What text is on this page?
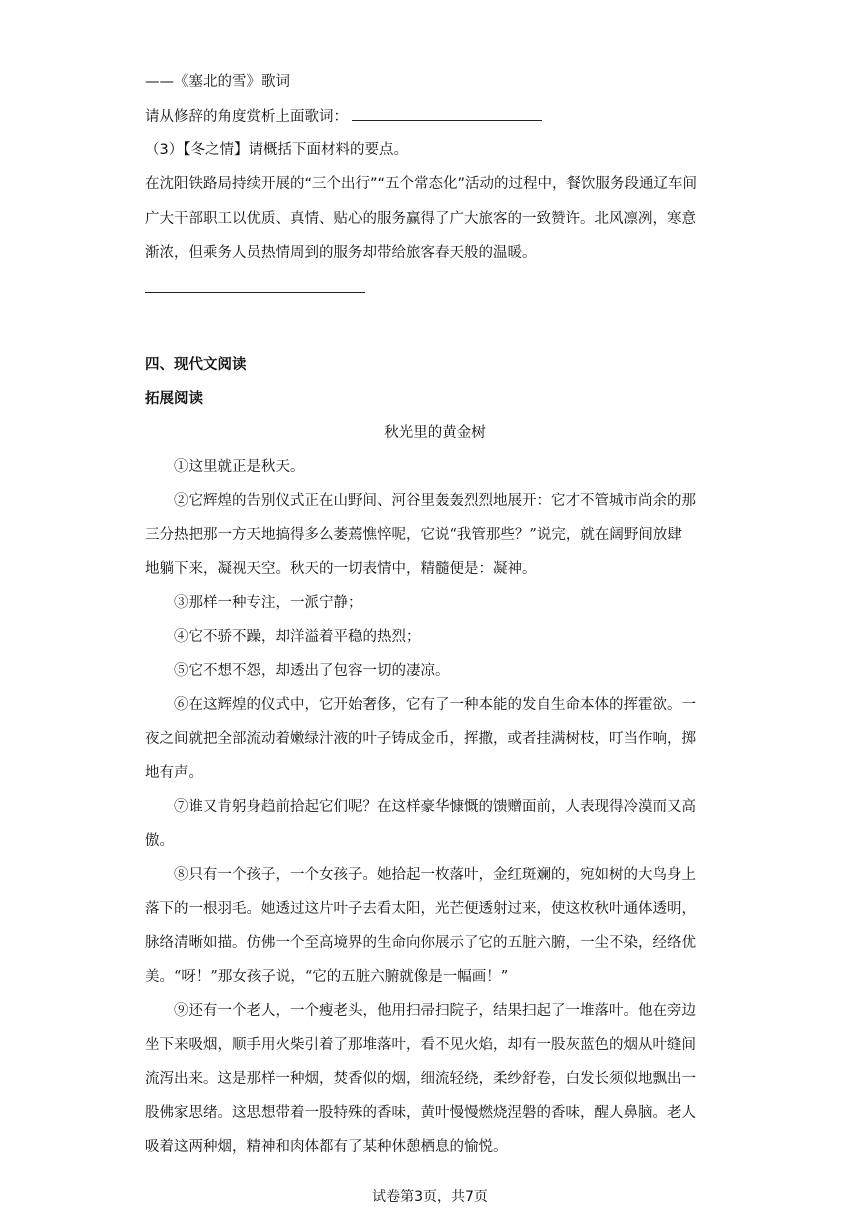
——《塞北的雪》歌词
请从修辞的角度赏析上面歌词：
（3）【冬之情】请概括下面材料的要点。
在沈阳铁路局持续开展的“三个出行”“五个常态化”活动的过程中，餐饮服务段通辽车间
广大干部职工以优质、真情、贴心的服务赢得了广大旅客的一致赞许。北风凛冽，寒意
渐浓，但乘务人员热情周到的服务却带给旅客春天般的温暖。
四、现代文阅读
拓展阅读
秋光里的黄金树
①这里就正是秋天。
②它辉煌的告别仪式正在山野间、河谷里轰轰烈烈地展开：它才不管城市尚余的那
三分热把那一方天地搞得多么萎蔫憔悴呢，它说“我管那些？”说完，就在阔野间放肆
地躺下来，凝视天空。秋天的一切表情中，精髓便是：凝神。
③那样一种专注，一派宁静；
④它不骄不躁，却洋溢着平稳的热烈；
⑤它不想不怨，却透出了包容一切的凄凉。
⑥在这辉煌的仪式中，它开始奢侈，它有了一种本能的发自生命本体的挥霍欲。一
夜之间就把全部流动着嫩绿汁液的叶子铸成金币，挥撒，或者挂满树枝，叮当作响，掷
地有声。
⑦谁又肯躬身趋前拾起它们呢？在这样豪华慷慨的馈赠面前，人表现得冷漠而又高
傲。
⑧只有一个孩子，一个女孩子。她拾起一枚落叶，金红斑斓的，宛如树的大鸟身上
落下的一根羽毛。她透过这片叶子去看太阳，光芒便透射过来，使这枚秋叶通体透明，
脉络清晰如描。仿佛一个至高境界的生命向你展示了它的五脏六腑，一尘不染，经络优
美。“呀！”那女孩子说，“它的五脏六腑就像是一幅画！”
⑨还有一个老人，一个瘦老头，他用扫帚扫院子，结果扫起了一堆落叶。他在旁边
坐下来吸烟，顺手用火柴引着了那堆落叶，看不见火焰，却有一股灰蓝色的烟从叶缝间
流泻出来。这是那样一种烟，焚香似的烟，细流轻绕，柔纱舒卷，白发长须似地飘出一
股佛家思绪。这思想带着一股特殊的香味，黄叶慢慢燃烧涅磐的香味，醒人鼻脑。老人
吸着这两种烟，精神和肉体都有了某种休憩栖息的愉悦。
试卷第3页，共7页
